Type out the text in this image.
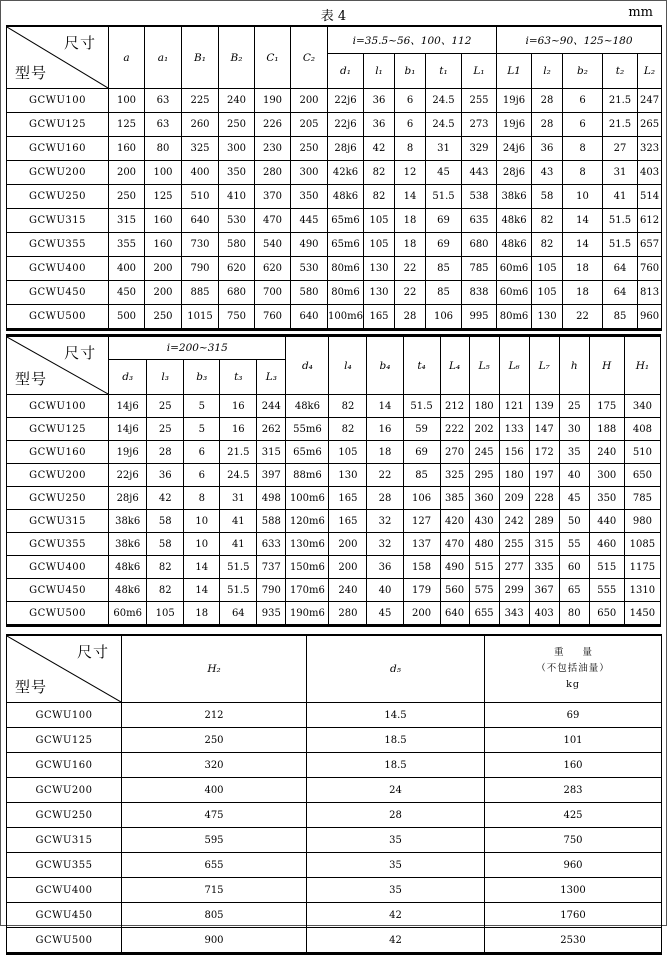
表 4	mm
尺寸
型号	a	a₁	B₁	B₂	C₁	C₂	i=35.5~56、100、112					i=63~90、125~180				
							d₁	l₁	b₁	t₁	L₁	L1	l₂	b₂	t₂	L₂
GCWU100	100	63	225	240	190	200	22j6	36	6	24.5	255	19j6	28	6	21.5	247
GCWU125	125	63	260	250	226	205	22j6	36	6	24.5	273	19j6	28	6	21.5	265
GCWU160	160	80	325	300	230	250	28j6	42	8	31	329	24j6	36	8	27	323
GCWU200	200	100	400	350	280	300	42k6	82	12	45	443	28j6	43	8	31	403
GCWU250	250	125	510	410	370	350	48k6	82	14	51.5	538	38k6	58	10	41	514
GCWU315	315	160	640	530	470	445	65m6	105	18	69	635	48k6	82	14	51.5	612
GCWU355	355	160	730	580	540	490	65m6	105	18	69	680	48k6	82	14	51.5	657
GCWU400	400	200	790	620	620	530	80m6	130	22	85	785	60m6	105	18	64	760
GCWU450	450	200	885	680	700	580	80m6	130	22	85	838	60m6	105	18	64	813
GCWU500	500	250	1015	750	760	640	100m6	165	28	106	995	80m6	130	22	85	960
尺寸
型号	i=200~315					d₄	l₄	b₄	t₄	L₄	L₅	L₆	L₇	h	H	H₁
	d₃	l₃	b₃	t₃	L₃											
GCWU100	14j6	25	5	16	244	48k6	82	14	51.5	212	180	121	139	25	175	340
GCWU125	14j6	25	5	16	262	55m6	82	16	59	222	202	133	147	30	188	408
GCWU160	19j6	28	6	21.5	315	65m6	105	18	69	270	245	156	172	35	240	510
GCWU200	22j6	36	6	24.5	397	88m6	130	22	85	325	295	180	197	40	300	650
GCWU250	28j6	42	8	31	498	100m6	165	28	106	385	360	209	228	45	350	785
GCWU315	38k6	58	10	41	588	120m6	165	32	127	420	430	242	289	50	440	980
GCWU355	38k6	58	10	41	633	130m6	200	32	137	470	480	255	315	55	460	1085
GCWU400	48k6	82	14	51.5	737	150m6	200	36	158	490	515	277	335	60	515	1175
GCWU450	48k6	82	14	51.5	790	170m6	240	40	179	560	575	299	367	65	555	1310
GCWU500	60m6	105	18	64	935	190m6	280	45	200	640	655	343	403	80	650	1450
尺寸
型号
	H₂	d₅	
重 量
（不包括油量）
kg

GCWU100	212	14.5	69
GCWU125	250	18.5	101
GCWU160	320	18.5	160
GCWU200	400	24	283
GCWU250	475	28	425
GCWU315	595	35	750
GCWU355	655	35	960
GCWU400	715	35	1300
GCWU450	805	42	1760
GCWU500	900	42	2530
